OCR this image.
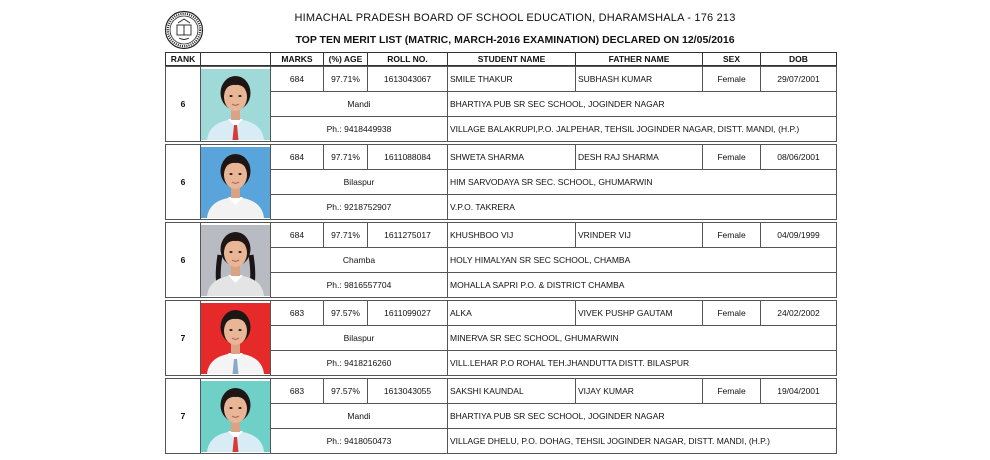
HIMACHAL PRADESH BOARD OF SCHOOL EDUCATION, DHARAMSHALA - 176 213
TOP TEN MERIT LIST (MATRIC, MARCH-2016 EXAMINATION) DECLARED ON 12/05/2016
RANK		MARKS	(%) AGE	ROLL NO.	STUDENT NAME	FATHER NAME	SEX	DOB
6		684	97.71%	1613043067	SMILE THAKUR	SUBHASH KUMAR	Female	29/07/2001
		Mandi			BHARTIYA PUB SR SEC SCHOOL, JOGINDER NAGAR			
		Ph.: 9418449938			VILLAGE BALAKRUPI,P.O. JALPEHAR, TEHSIL JOGINDER NAGAR, DISTT. MANDI, (H.P.)			
6		684	97.71%	1611088084	SHWETA SHARMA	DESH RAJ SHARMA	Female	08/06/2001
		Bilaspur			HIM SARVODAYA SR SEC. SCHOOL, GHUMARWIN			
		Ph.: 9218752907			V.P.O. TAKRERA			
6		684	97.71%	1611275017	KHUSHBOO VIJ	VRINDER VIJ	Female	04/09/1999
		Chamba			HOLY HIMALYAN SR SEC SCHOOL, CHAMBA			
		Ph.: 9816557704			MOHALLA SAPRI P.O. & DISTRICT CHAMBA			
7		683	97.57%	1611099027	ALKA	VIVEK PUSHP GAUTAM	Female	24/02/2002
		Bilaspur			MINERVA SR SEC SCHOOL, GHUMARWIN			
		Ph.: 9418216260			VILL.LEHAR P.O ROHAL TEH.JHANDUTTA DISTT. BILASPUR			
7		683	97.57%	1613043055	SAKSHI KAUNDAL	VIJAY KUMAR	Female	19/04/2001
		Mandi			BHARTIYA PUB SR SEC SCHOOL, JOGINDER NAGAR			
		Ph.: 9418050473			VILLAGE DHELU, P.O. DOHAG, TEHSIL JOGINDER NAGAR, DISTT. MANDI, (H.P.)			
